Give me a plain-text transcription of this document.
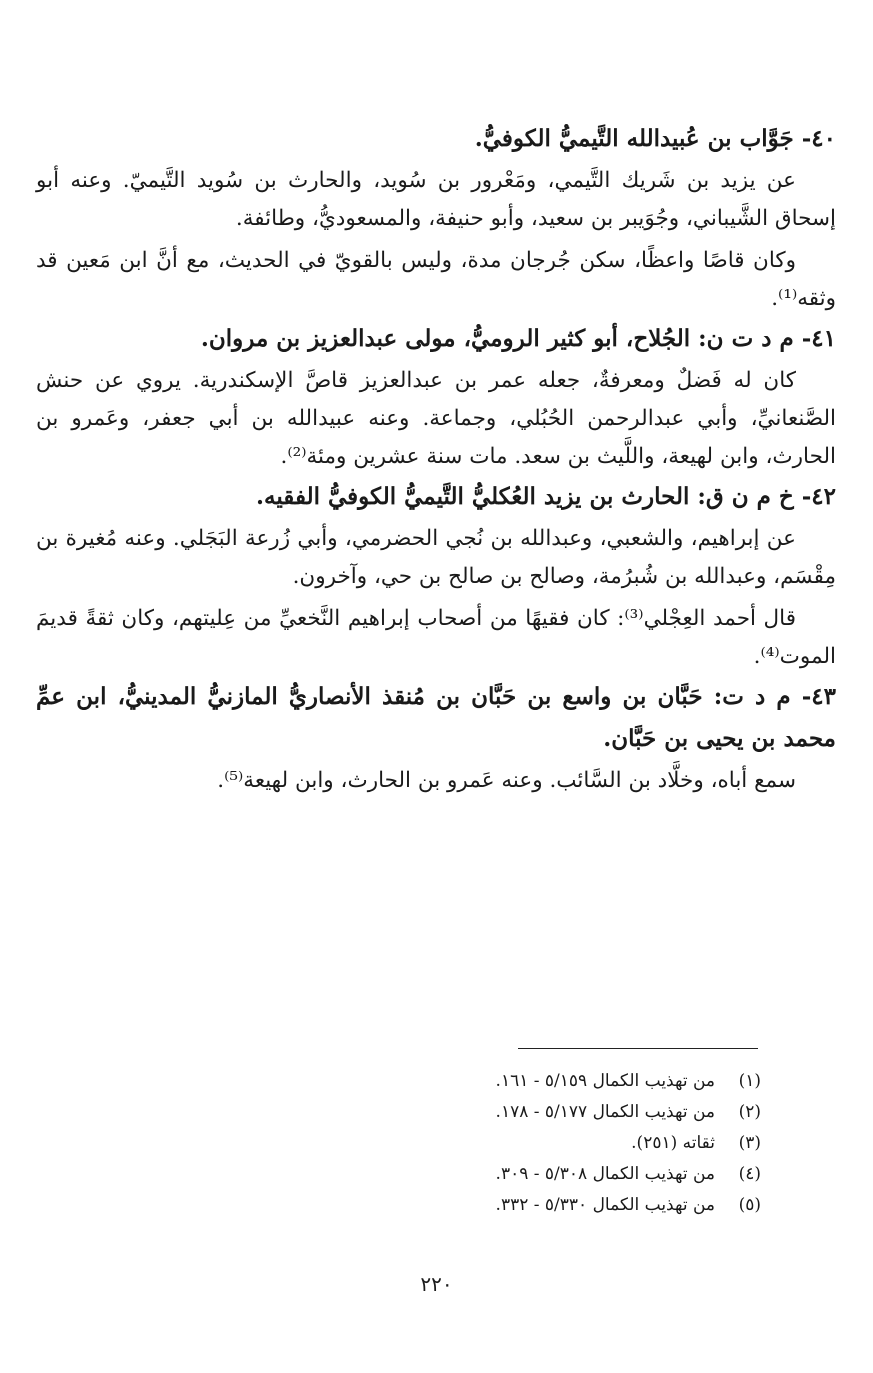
٤٠- جَوَّاب بن عُبيدالله التَّيميُّ الكوفيُّ.

عن يزيد بن شَريك التَّيمي، ومَعْرور بن سُويد، والحارث بن سُويد التَّيميّ. وعنه أبو إسحاق الشَّيباني، وجُوَيبر بن سعيد، وأبو حنيفة، والمسعوديُّ، وطائفة.

وكان قاصًا واعظًا، سكن جُرجان مدة، وليس بالقويّ في الحديث، مع أنَّ ابن مَعين قد وثقه⁽¹⁾.

٤١- م د ت ن: الجُلاح، أبو كثير الروميُّ، مولى عبدالعزيز بن مروان.

كان له فَضلٌ ومعرفةٌ، جعله عمر بن عبدالعزيز قاصَّ الإسكندرية. يروي عن حنش الصَّنعانيِّ، وأبي عبدالرحمن الحُبُلي، وجماعة. وعنه عبيدالله بن أبي جعفر، وعَمرو بن الحارث، وابن لهيعة، واللَّيث بن سعد. مات سنة عشرين ومئة⁽²⁾.

٤٢- خ م ن ق: الحارث بن يزيد العُكليُّ التَّيميُّ الكوفيُّ الفقيه.

عن إبراهيم، والشعبي، وعبدالله بن نُجي الحضرمي، وأبي زُرعة البَجَلي. وعنه مُغيرة بن مِقْسَم، وعبدالله بن شُبرُمة، وصالح بن صالح بن حي، وآخرون.

قال أحمد العِجْلي⁽³⁾: كان فقيهًا من أصحاب إبراهيم النَّخعيِّ من عِليتهم، وكان ثقةً قديمَ الموت⁽⁴⁾.

٤٣- م د ت: حَبَّان بن واسع بن حَبَّان بن مُنقذ الأنصاريُّ المازنيُّ المدينيُّ، ابن عمِّ محمد بن يحيى بن حَبَّان.

سمع أباه، وخلَّاد بن السَّائب. وعنه عَمرو بن الحارث، وابن لهيعة⁽⁵⁾.

(١)
من تهذيب الكمال ٥/١٥٩ - ١٦١.
(٢)
من تهذيب الكمال ٥/١٧٧ - ١٧٨.
(٣)
ثقاته (٢٥١).
(٤)
من تهذيب الكمال ٥/٣٠٨ - ٣٠٩.
(٥)
من تهذيب الكمال ٥/٣٣٠ - ٣٣٢.
٢٢٠
